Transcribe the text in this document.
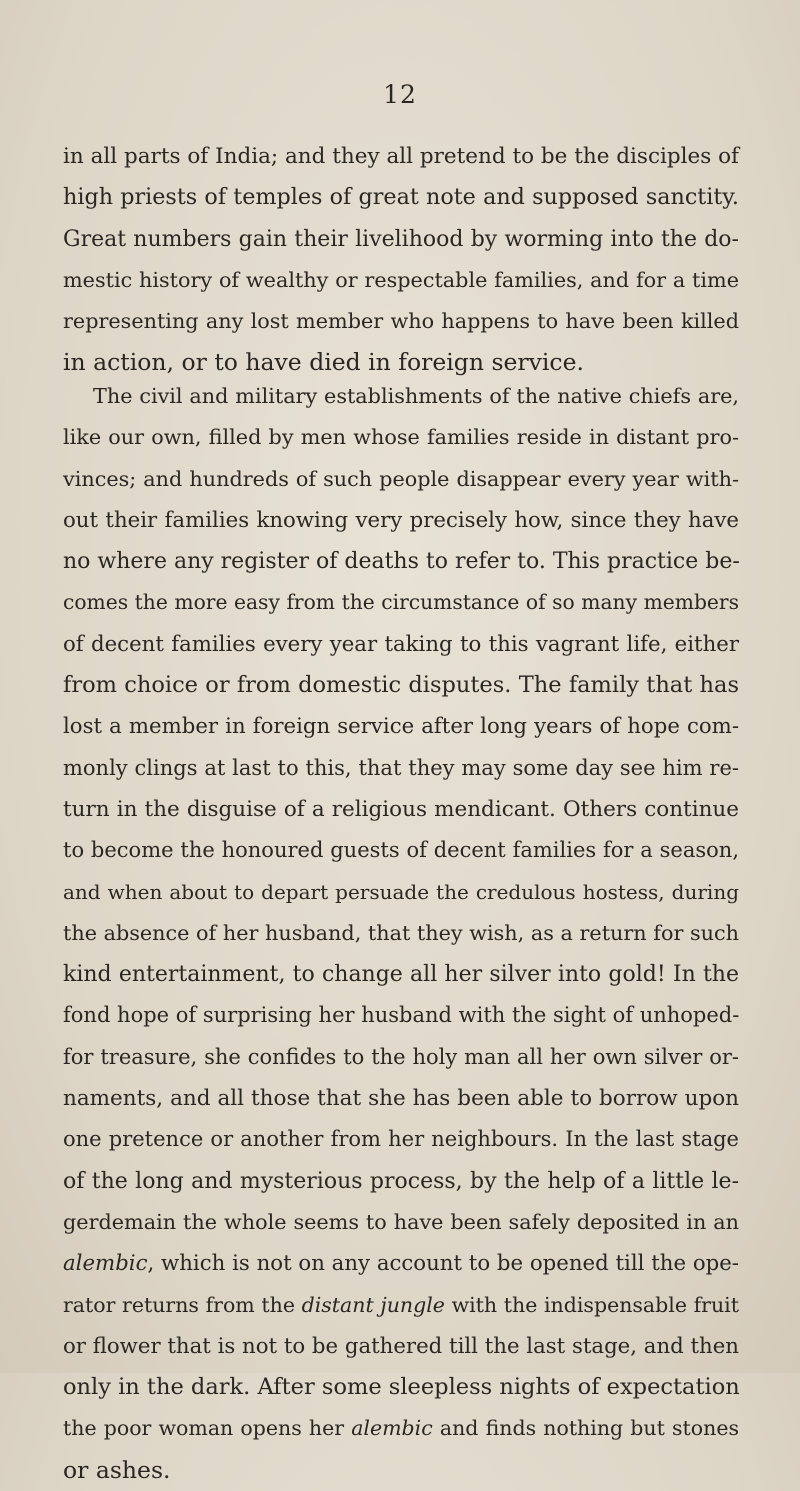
12
in all parts of India; and they all pretend to be the disciples of
high priests of temples of great note and supposed sanctity.
Great numbers gain their livelihood by worming into the do-
mestic history of wealthy or respectable families, and for a time
representing any lost member who happens to have been killed
in action, or to have died in foreign service.
The civil and military establishments of the native chiefs are,
like our own, filled by men whose families reside in distant pro-
vinces; and hundreds of such people disappear every year with-
out their families knowing very precisely how, since they have
no where any register of deaths to refer to. This practice be-
comes the more easy from the circumstance of so many members
of decent families every year taking to this vagrant life, either
from choice or from domestic disputes. The family that has
lost a member in foreign service after long years of hope com-
monly clings at last to this, that they may some day see him re-
turn in the disguise of a religious mendicant. Others continue
to become the honoured guests of decent families for a season,
and when about to depart persuade the credulous hostess, during
the absence of her husband, that they wish, as a return for such
kind entertainment, to change all her silver into gold! In the
fond hope of surprising her husband with the sight of unhoped-
for treasure, she confides to the holy man all her own silver or-
naments, and all those that she has been able to borrow upon
one pretence or another from her neighbours. In the last stage
of the long and mysterious process, by the help of a little le-
gerdemain the whole seems to have been safely deposited in an
alembic, which is not on any account to be opened till the ope-
rator returns from the distant jungle with the indispensable fruit
or flower that is not to be gathered till the last stage, and then
only in the dark. After some sleepless nights of expectation
the poor woman opens her alembic and finds nothing but stones
or ashes.
